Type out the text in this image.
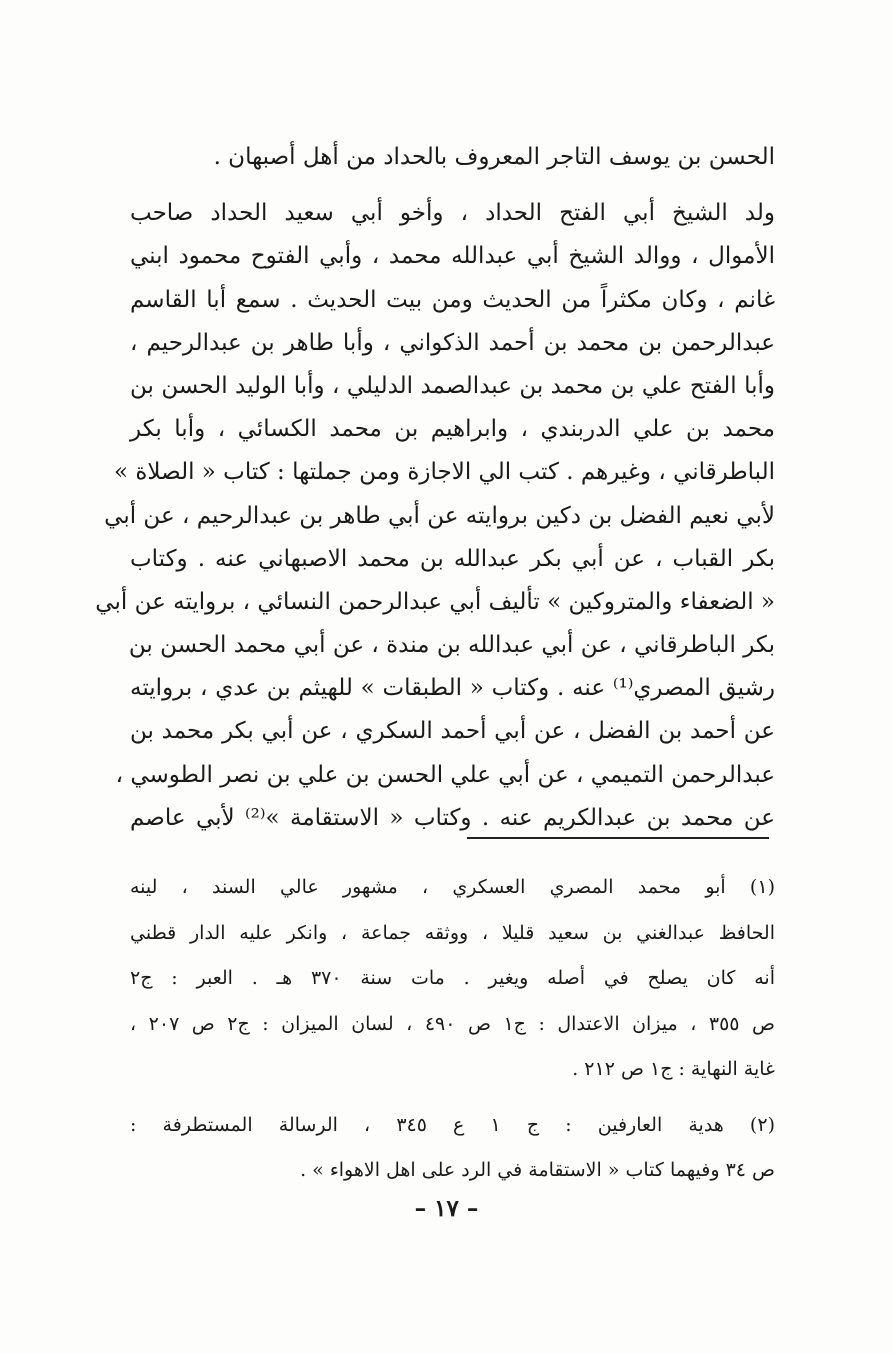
الحسن بن يوسف التاجر المعروف بالحداد من أهل أصبهان .
ولد الشيخ أبي الفتح الحداد ، وأخو أبي سعيد الحداد صاحب
الأموال ، ووالد الشيخ أبي عبدالله محمد ، وأبي الفتوح محمود ابني
غانم ، وكان مكثراً من الحديث ومن بيت الحديث . سمع أبا القاسم
عبدالرحمن بن محمد بن أحمد الذكواني ، وأبا طاهر بن عبدالرحيم ،
وأبا الفتح علي بن محمد بن عبدالصمد الدليلي ، وأبا الوليد الحسن بن
محمد بن علي الدربندي ، وابراهيم بن محمد الكسائي ، وأبا بكر
الباطرقاني ، وغيرهم . كتب الي الاجازة ومن جملتها : كتاب « الصلاة »
لأبي نعيم الفضل بن دكين بروايته عن أبي طاهر بن عبدالرحيم ، عن أبي
بكر القباب ، عن أبي بكر عبدالله بن محمد الاصبهاني عنه . وكتاب
« الضعفاء والمتروكين » تأليف أبي عبدالرحمن النسائي ، بروايته عن أبي
بكر الباطرقاني ، عن أبي عبدالله بن مندة ، عن أبي محمد الحسن بن
رشيق المصري⁽¹⁾ عنه . وكتاب « الطبقات » للهيثم بن عدي ، بروايته
عن أحمد بن الفضل ، عن أبي أحمد السكري ، عن أبي بكر محمد بن
عبدالرحمن التميمي ، عن أبي علي الحسن بن علي بن نصر الطوسي ،
عن محمد بن عبدالكريم عنه . وكتاب « الاستقامة »⁽²⁾ لأبي عاصم
(١) أبو محمد المصري العسكري ، مشهور عالي السند ، لينه
الحافظ عبدالغني بن سعيد قليلا ، ووثقه جماعة ، وانكر عليه الدار قطني
أنه كان يصلح في أصله ويغير . مات سنة ٣٧٠ هـ . العبر : ج٢
ص ٣٥٥ ، ميزان الاعتدال : ج١ ص ٤٩٠ ، لسان الميزان : ج٢ ص ٢٠٧ ،
غاية النهاية : ج١ ص ٢١٢ .
(٢) هدية العارفين : ج ١ ع ٣٤٥ ، الرسالة المستطرفة :
ص ٣٤ وفيهما كتاب « الاستقامة في الرد على اهل الاهواء » .
– ١٧ –
